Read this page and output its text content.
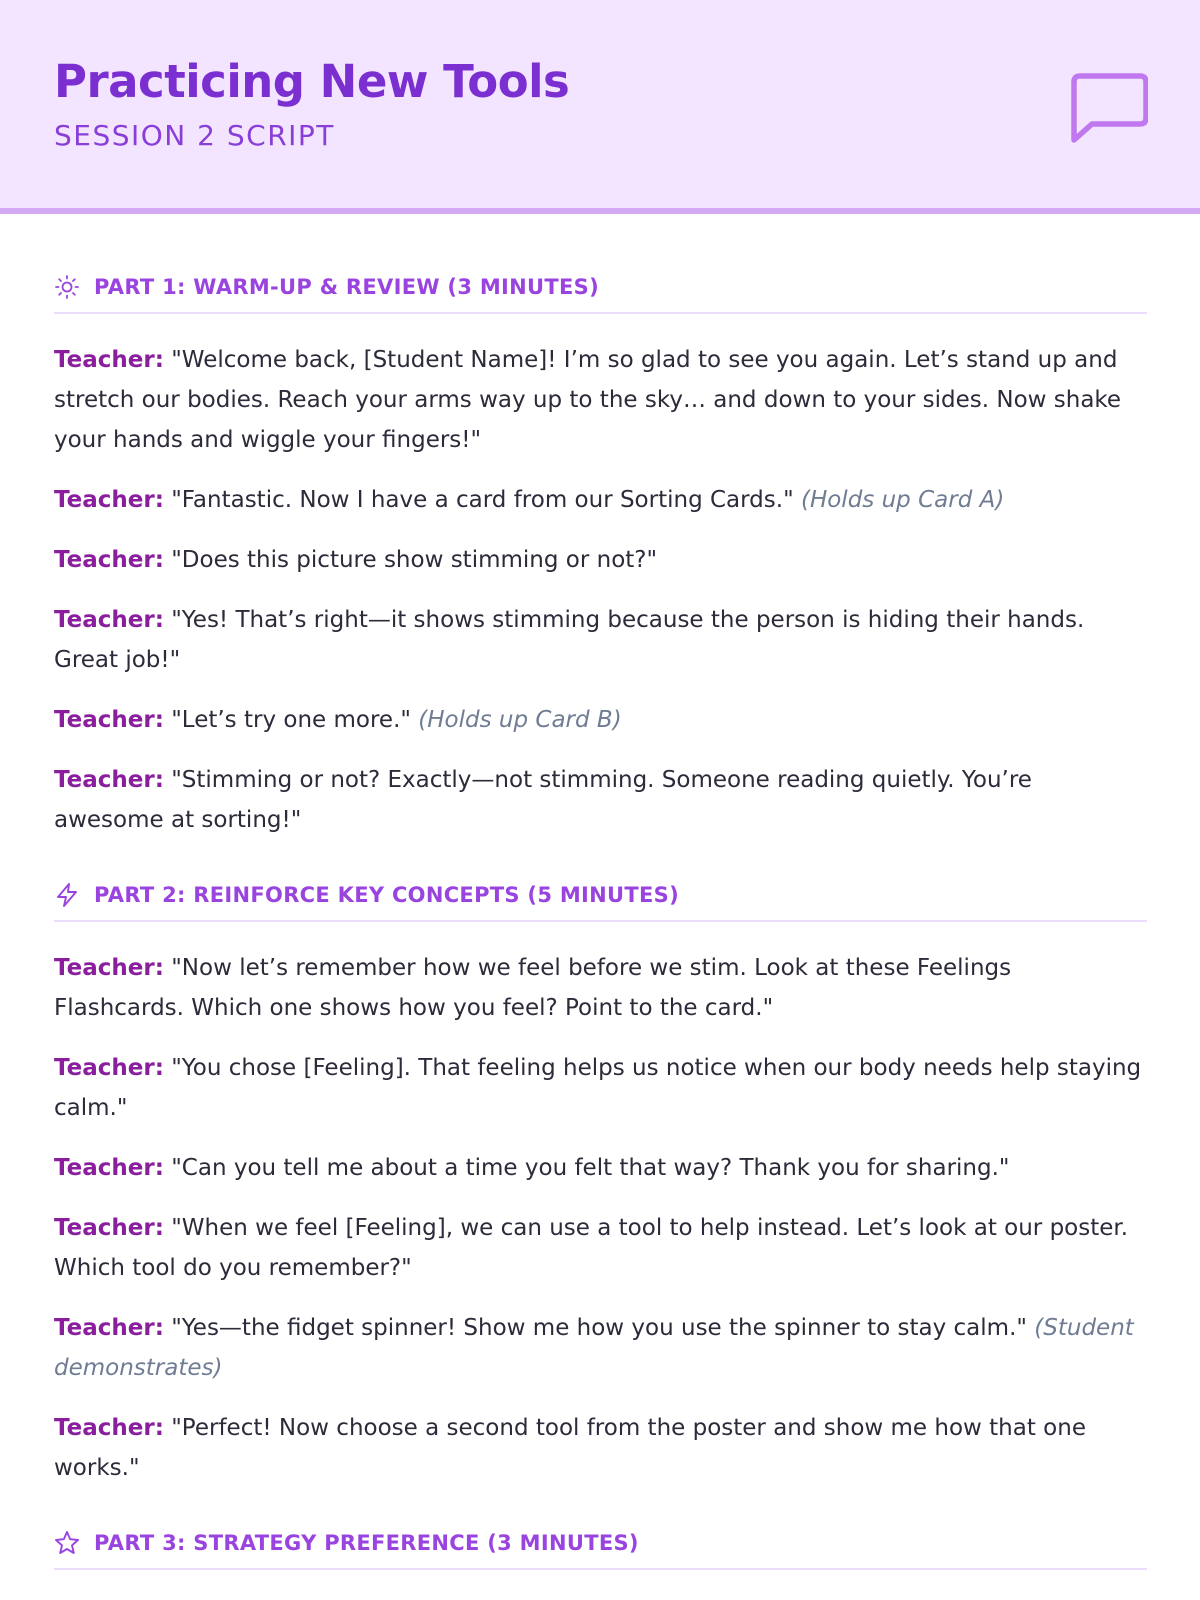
Practicing New Tools
SESSION 2 SCRIPT
PART 1: WARM-UP & REVIEW (3 MINUTES)

Teacher: "Welcome back, [Student Name]! I’m so glad to see you again. Let’s stand up and stretch our bodies. Reach your arms way up to the sky… and down to your sides. Now shake your hands and wiggle your fingers!"

Teacher: "Fantastic. Now I have a card from our Sorting Cards." (Holds up Card A)

Teacher: "Does this picture show stimming or not?"

Teacher: "Yes! That’s right—it shows stimming because the person is hiding their hands. Great job!"

Teacher: "Let’s try one more." (Holds up Card B)

Teacher: "Stimming or not? Exactly—not stimming. Someone reading quietly. You’re awesome at sorting!"

PART 2: REINFORCE KEY CONCEPTS (5 MINUTES)

Teacher: "Now let’s remember how we feel before we stim. Look at these Feelings Flashcards. Which one shows how you feel? Point to the card."

Teacher: "You chose [Feeling]. That feeling helps us notice when our body needs help staying calm."

Teacher: "Can you tell me about a time you felt that way? Thank you for sharing."

Teacher: "When we feel [Feeling], we can use a tool to help instead. Let’s look at our poster. Which tool do you remember?"

Teacher: "Yes—the fidget spinner! Show me how you use the spinner to stay calm." (Student demonstrates)

Teacher: "Perfect! Now choose a second tool from the poster and show me how that one works."

PART 3: STRATEGY PREFERENCE (3 MINUTES)
